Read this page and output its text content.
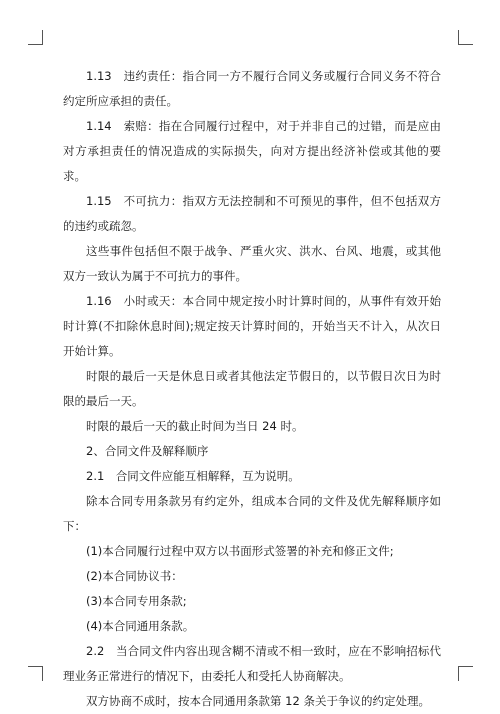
1.13　违约责任：指合同一方不履行合同义务或履行合同义务不符合约定所应承担的责任。

1.14　索赔：指在合同履行过程中，对于并非自己的过错，而是应由对方承担责任的情况造成的实际损失，向对方提出经济补偿或其他的要求。

1.15　不可抗力：指双方无法控制和不可预见的事件，但不包括双方的违约或疏忽。

这些事件包括但不限于战争、严重火灾、洪水、台风、地震，或其他双方一致认为属于不可抗力的事件。

1.16　小时或天：本合同中规定按小时计算时间的，从事件有效开始时计算(不扣除休息时间);规定按天计算时间的，开始当天不计入，从次日开始计算。

时限的最后一天是休息日或者其他法定节假日的，以节假日次日为时限的最后一天。

时限的最后一天的截止时间为当日 24 时。

2、合同文件及解释顺序

2.1　合同文件应能互相解释，互为说明。

除本合同专用条款另有约定外，组成本合同的文件及优先解释顺序如下：

(1)本合同履行过程中双方以书面形式签署的补充和修正文件;

(2)本合同协议书：

(3)本合同专用条款;

(4)本合同通用条款。

2.2　当合同文件内容出现含糊不清或不相一致时，应在不影响招标代理业务正常进行的情况下，由委托人和受托人协商解决。

双方协商不成时，按本合同通用条款第 12 条关于争议的约定处理。
